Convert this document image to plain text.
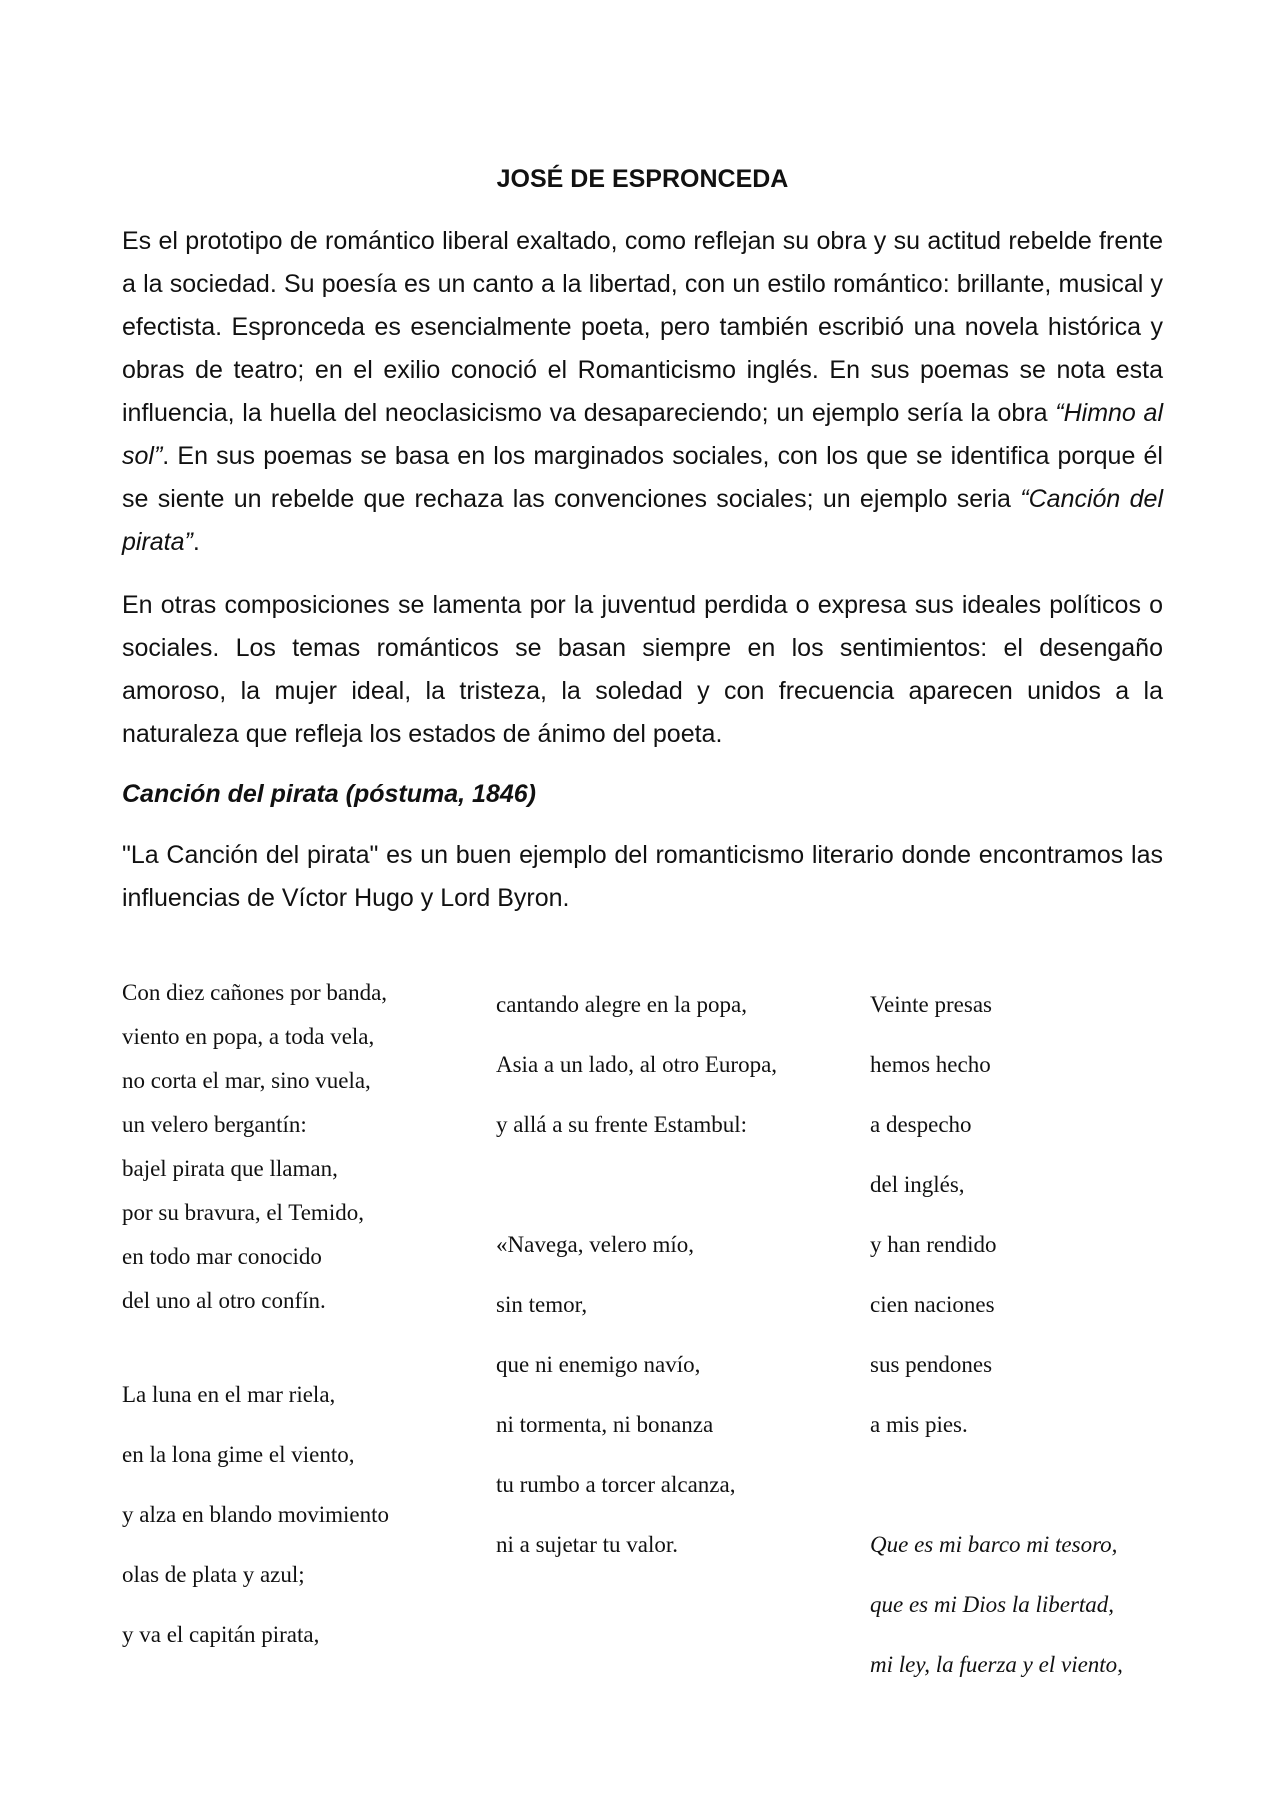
JOSÉ DE ESPRONCEDA

Es el prototipo de romántico liberal exaltado, como reflejan su obra y su actitud rebelde frente a la sociedad. Su poesía es un canto a la libertad, con un estilo romántico: brillante, musical y efectista. Espronceda es esencialmente poeta, pero también escribió una novela histórica y obras de teatro; en el exilio conoció el Romanticismo inglés. En sus poemas se nota esta influencia, la huella del neoclasicismo va desapareciendo; un ejemplo sería la obra “Himno al sol”. En sus poemas se basa en los marginados sociales, con los que se identifica porque él se siente un rebelde que rechaza las convenciones sociales; un ejemplo seria “Canción del pirata”.

En otras composiciones se lamenta por la juventud perdida o expresa sus ideales políticos o sociales. Los temas románticos se basan siempre en los sentimientos: el desengaño amoroso, la mujer ideal, la tristeza, la soledad y con frecuencia aparecen unidos a la naturaleza que refleja los estados de ánimo del poeta.

Canción del pirata (póstuma, 1846)

"La Canción del pirata" es un buen ejemplo del romanticismo literario donde encontramos las influencias de Víctor Hugo y Lord Byron.

Con diez cañones por banda,
viento en popa, a toda vela,
no corta el mar, sino vuela,
un velero bergantín:
bajel pirata que llaman,
por su bravura, el Temido,
en todo mar conocido
del uno al otro confín.
La luna en el mar riela,
en la lona gime el viento,
y alza en blando movimiento
olas de plata y azul;
y va el capitán pirata,
cantando alegre en la popa,
Asia a un lado, al otro Europa,
y allá a su frente Estambul:
«Navega, velero mío,
sin temor,
que ni enemigo navío,
ni tormenta, ni bonanza
tu rumbo a torcer alcanza,
ni a sujetar tu valor.
Veinte presas
hemos hecho
a despecho
del inglés,
y han rendido
cien naciones
sus pendones
a mis pies.
Que es mi barco mi tesoro,
que es mi Dios la libertad,
mi ley, la fuerza y el viento,
